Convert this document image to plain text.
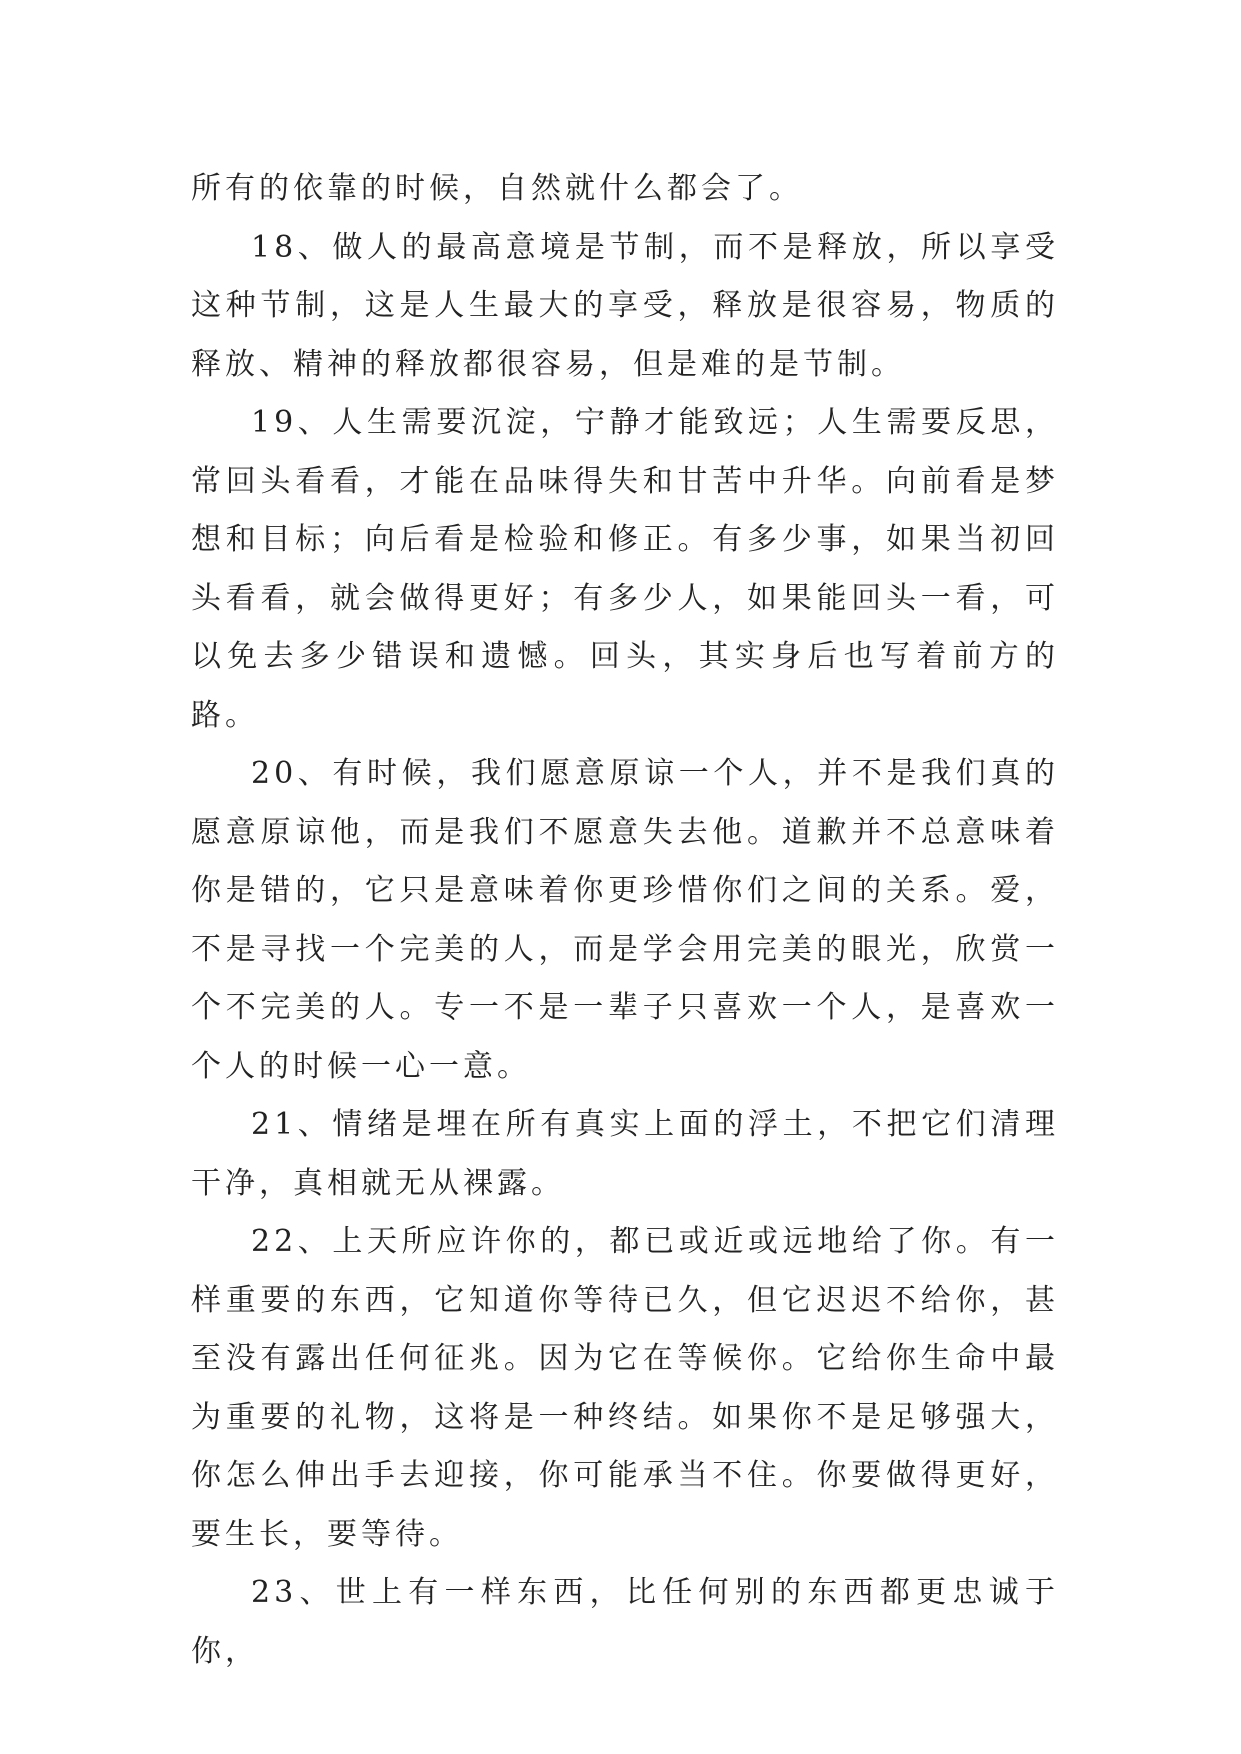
所有的依靠的时候，自然就什么都会了。

18、做人的最高意境是节制，而不是释放，所以享受这种节制，这是人生最大的享受，释放是很容易，物质的释放、精神的释放都很容易，但是难的是节制。

19、人生需要沉淀，宁静才能致远；人生需要反思，常回头看看，才能在品味得失和甘苦中升华。向前看是梦想和目标；向后看是检验和修正。有多少事，如果当初回头看看，就会做得更好；有多少人，如果能回头一看，可以免去多少错误和遗憾。回头，其实身后也写着前方的路。

20、有时候，我们愿意原谅一个人，并不是我们真的愿意原谅他，而是我们不愿意失去他。道歉并不总意味着你是错的，它只是意味着你更珍惜你们之间的关系。爱，不是寻找一个完美的人，而是学会用完美的眼光，欣赏一个不完美的人。专一不是一辈子只喜欢一个人，是喜欢一个人的时候一心一意。

21、情绪是埋在所有真实上面的浮土，不把它们清理干净，真相就无从裸露。

22、上天所应许你的，都已或近或远地给了你。有一样重要的东西，它知道你等待已久，但它迟迟不给你，甚至没有露出任何征兆。因为它在等候你。它给你生命中最为重要的礼物，这将是一种终结。如果你不是足够强大，你怎么伸出手去迎接，你可能承当不住。你要做得更好，要生长，要等待。

23、世上有一样东西，比任何别的东西都更忠诚于你，
